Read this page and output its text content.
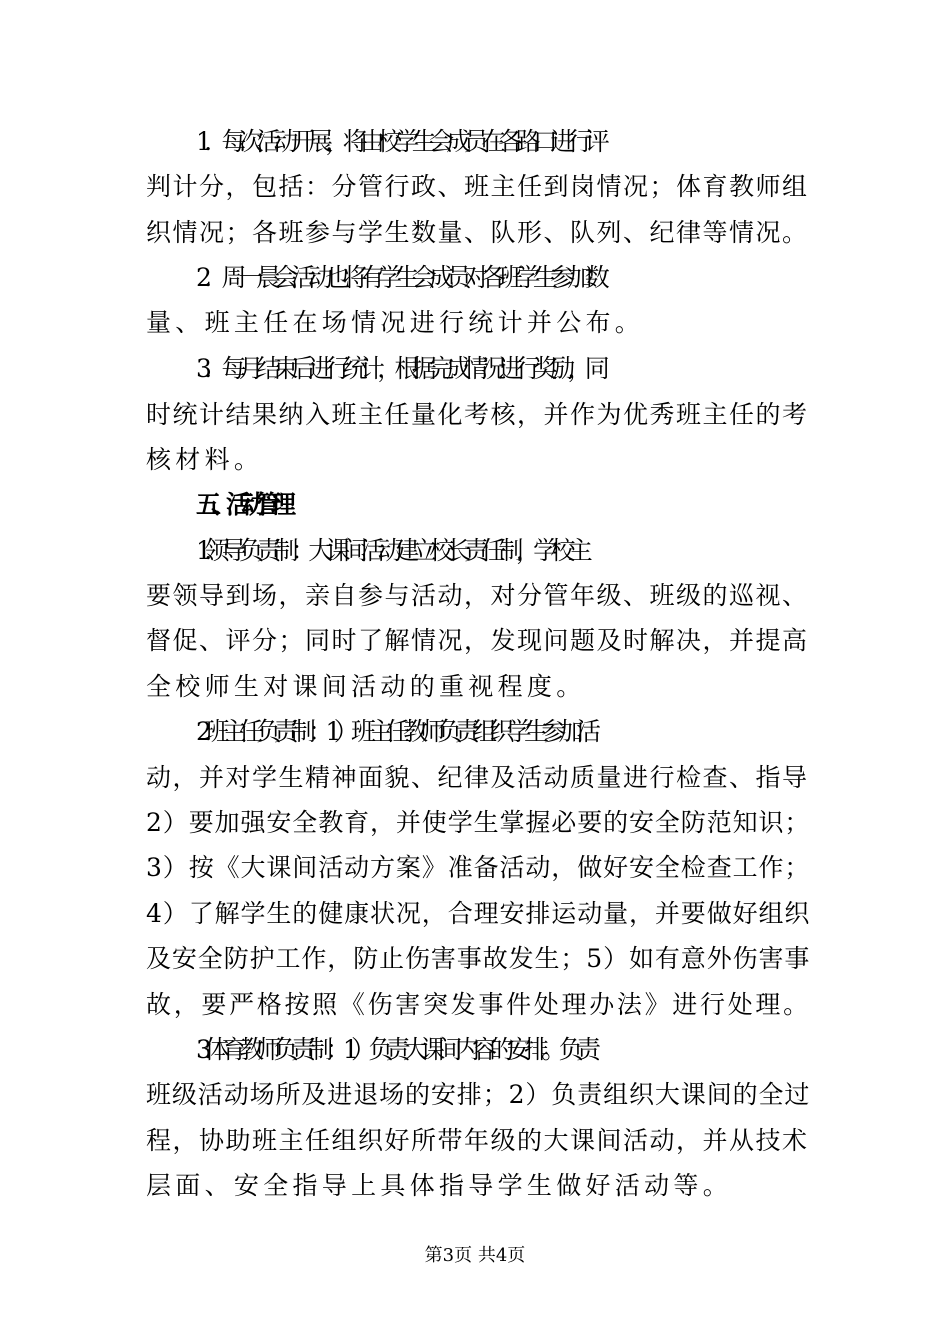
1．每次活动开展，将由校学生会成员在各路口进行评
判计分，包括：分管行政、班主任到岗情况；体育教师组
织情况；各班参与学生数量、队形、队列、纪律等情况。
2．周一晨会活动也将有学生会成员对各班学生参加数
量、班主任在场情况进行统计并公布。
3．每月结束后进行统计，根据完成情况进行奖励，同
时统计结果纳入班主任量化考核，并作为优秀班主任的考
核材料。
五、活动管理
1.领导负责制：大课间活动建立校长责任制，学校主
要领导到场，亲自参与活动，对分管年级、班级的巡视、
督促、评分；同时了解情况，发现问题及时解决，并提高
全校师生对课间活动的重视程度。
2.班主任负责制：1）班主任教师负责组织学生参加活
动，并对学生精神面貌、纪律及活动质量进行检查、指导
2）要加强安全教育，并使学生掌握必要的安全防范知识；
3）按《大课间活动方案》准备活动，做好安全检查工作；
4）了解学生的健康状况，合理安排运动量，并要做好组织
及安全防护工作，防止伤害事故发生；5）如有意外伤害事
故，要严格按照《伤害突发事件处理办法》进行处理。
3.体育教师负责制：1）负责大课间内容的安排。负责
班级活动场所及进退场的安排；2）负责组织大课间的全过
程，协助班主任组织好所带年级的大课间活动，并从技术
层面、安全指导上具体指导学生做好活动等。
第3页 共4页
